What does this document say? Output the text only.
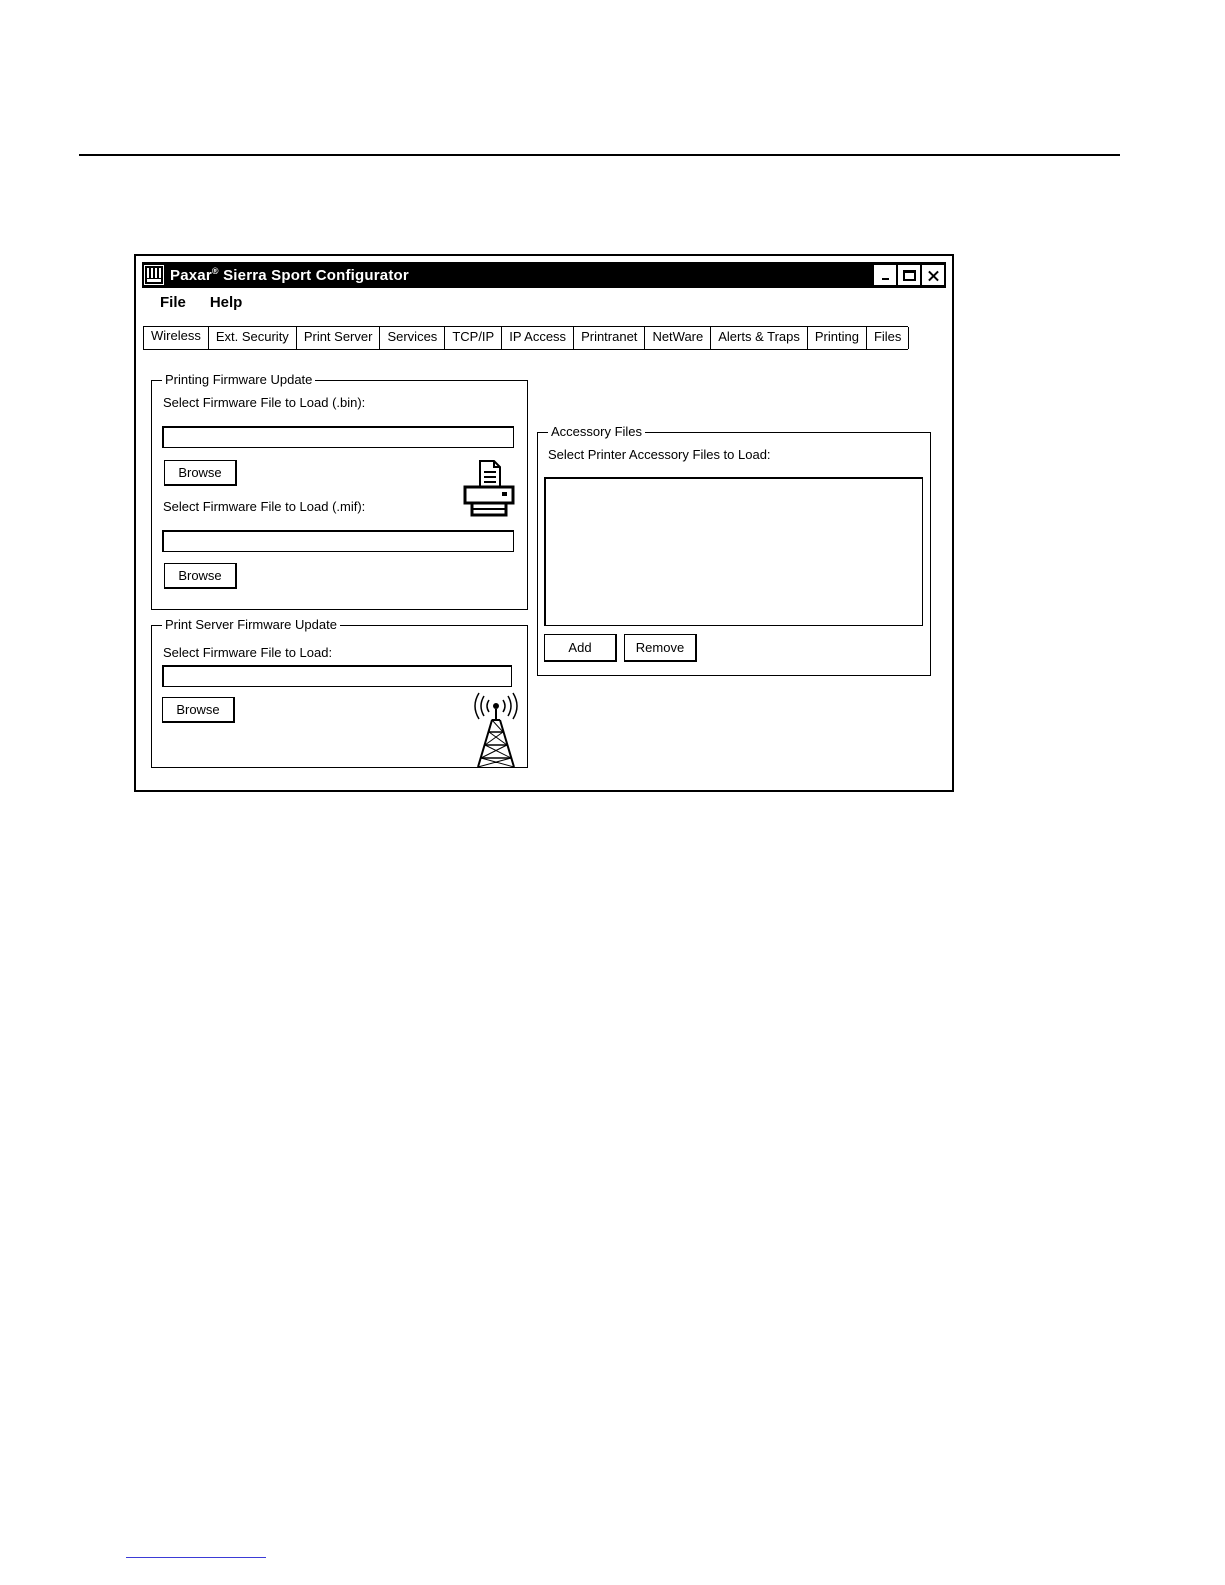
Paxar® Sierra Sport Configurator
File Help
Wireless	Ext. Security	Print Server	Services	TCP/IP	IP Access	Printranet	NetWare	Alerts & Traps	Printing	Files
Printing Firmware Update
Select Firmware File to Load (.bin):
Browse
Select Firmware File to Load (.mif):
Browse
Print Server Firmware Update
Select Firmware File to Load:
Browse
Accessory Files
Select Printer Accessory Files to Load:
Add	Remove
